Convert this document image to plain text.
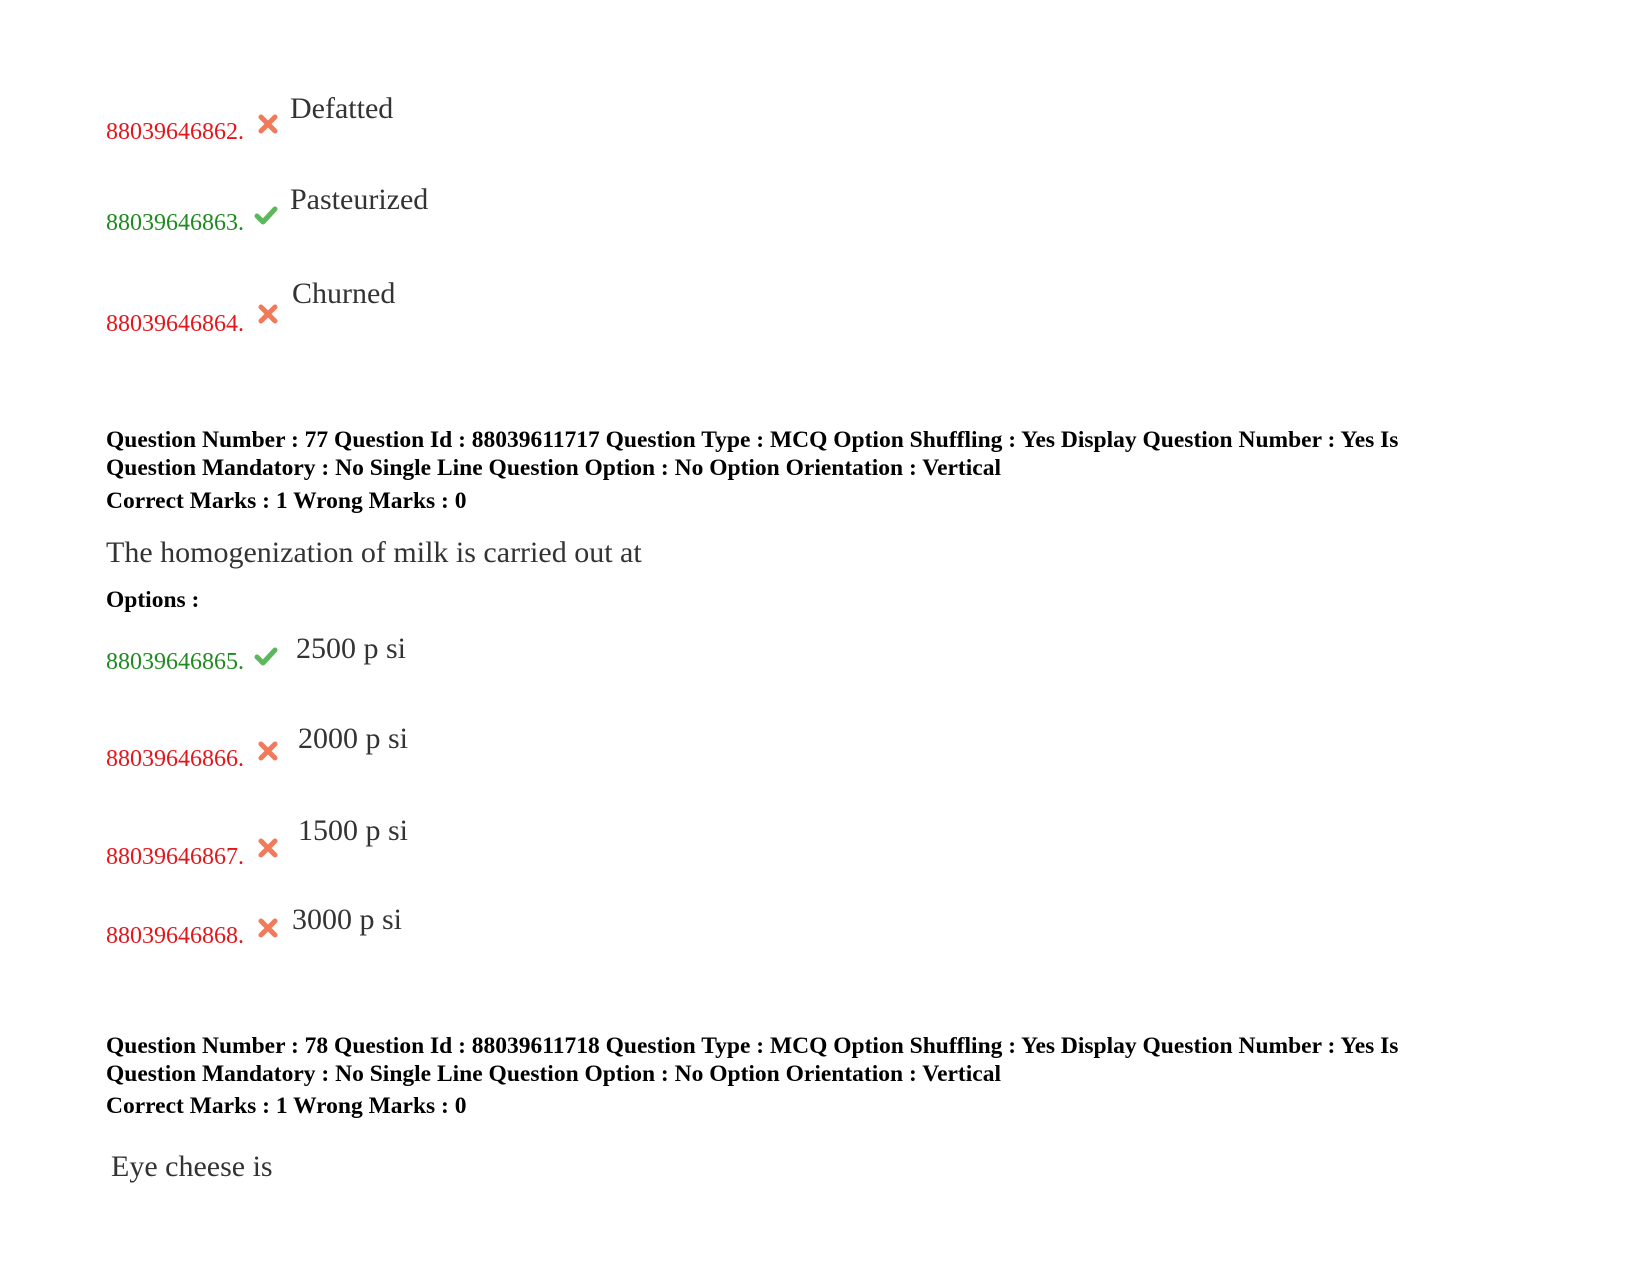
88039646862.
Defatted
88039646863.
Pasteurized
88039646864.
Churned
Question Number : 77 Question Id : 88039611717 Question Type : MCQ Option Shuffling : Yes Display Question Number : Yes Is
Question Mandatory : No Single Line Question Option : No Option Orientation : Vertical
Correct Marks : 1 Wrong Marks : 0
The homogenization of milk is carried out at
Options :
88039646865. 2500 p si
88039646866.
2000 p si
88039646867.
1500 p si
88039646868. 3000 p si
Question Number : 78 Question Id : 88039611718 Question Type : MCQ Option Shuffling : Yes Display Question Number : Yes Is
Question Mandatory : No Single Line Question Option : No Option Orientation : Vertical
Correct Marks : 1 Wrong Marks : 0
Eye cheese is
